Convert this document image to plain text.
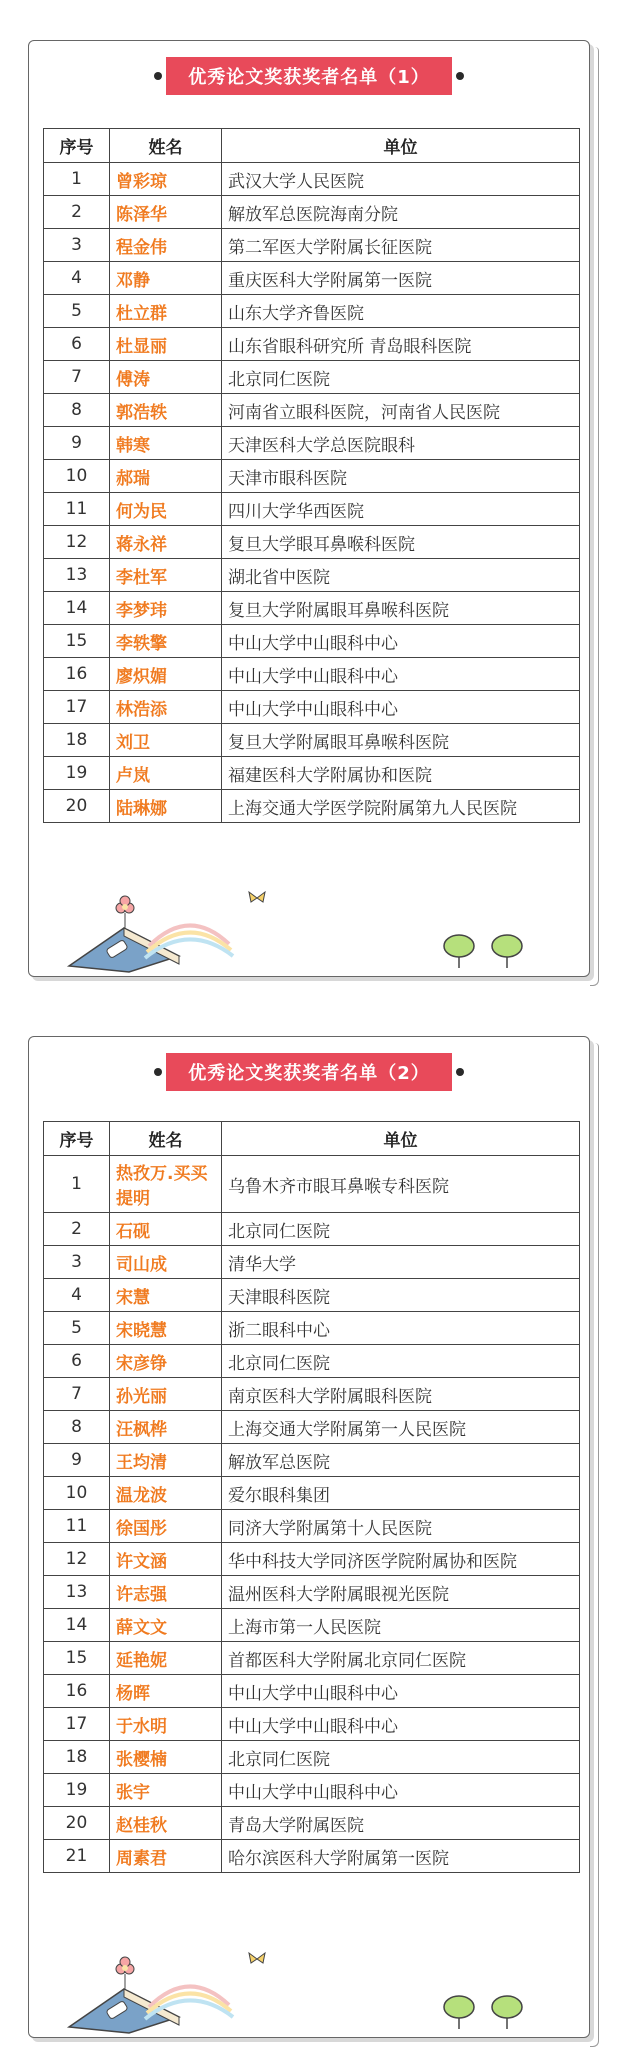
优秀论文奖获奖者名单（1）
序号	姓名	单位
1	曾彩琼	武汉大学人民医院
2	陈泽华	解放军总医院海南分院
3	程金伟	第二军医大学附属长征医院
4	邓静	重庆医科大学附属第一医院
5	杜立群	山东大学齐鲁医院
6	杜显丽	山东省眼科研究所 青岛眼科医院
7	傅涛	北京同仁医院
8	郭浩轶	河南省立眼科医院，河南省人民医院
9	韩寒	天津医科大学总医院眼科
10	郝瑞	天津市眼科医院
11	何为民	四川大学华西医院
12	蒋永祥	复旦大学眼耳鼻喉科医院
13	李杜军	湖北省中医院
14	李梦玮	复旦大学附属眼耳鼻喉科医院
15	李轶擎	中山大学中山眼科中心
16	廖炽媚	中山大学中山眼科中心
17	林浩添	中山大学中山眼科中心
18	刘卫	复旦大学附属眼耳鼻喉科医院
19	卢岚	福建医科大学附属协和医院
20	陆琳娜	上海交通大学医学院附属第九人民医院
优秀论文奖获奖者名单（2）
序号	姓名	单位
1	热孜万.买买提明	乌鲁木齐市眼耳鼻喉专科医院
2	石砚	北京同仁医院
3	司山成	清华大学
4	宋慧	天津眼科医院
5	宋晓慧	浙二眼科中心
6	宋彦铮	北京同仁医院
7	孙光丽	南京医科大学附属眼科医院
8	汪枫桦	上海交通大学附属第一人民医院
9	王均清	解放军总医院
10	温龙波	爱尔眼科集团
11	徐国彤	同济大学附属第十人民医院
12	许文涵	华中科技大学同济医学院附属协和医院
13	许志强	温州医科大学附属眼视光医院
14	薛文文	上海市第一人民医院
15	延艳妮	首都医科大学附属北京同仁医院
16	杨晖	中山大学中山眼科中心
17	于水明	中山大学中山眼科中心
18	张樱楠	北京同仁医院
19	张宇	中山大学中山眼科中心
20	赵桂秋	青岛大学附属医院
21	周素君	哈尔滨医科大学附属第一医院
